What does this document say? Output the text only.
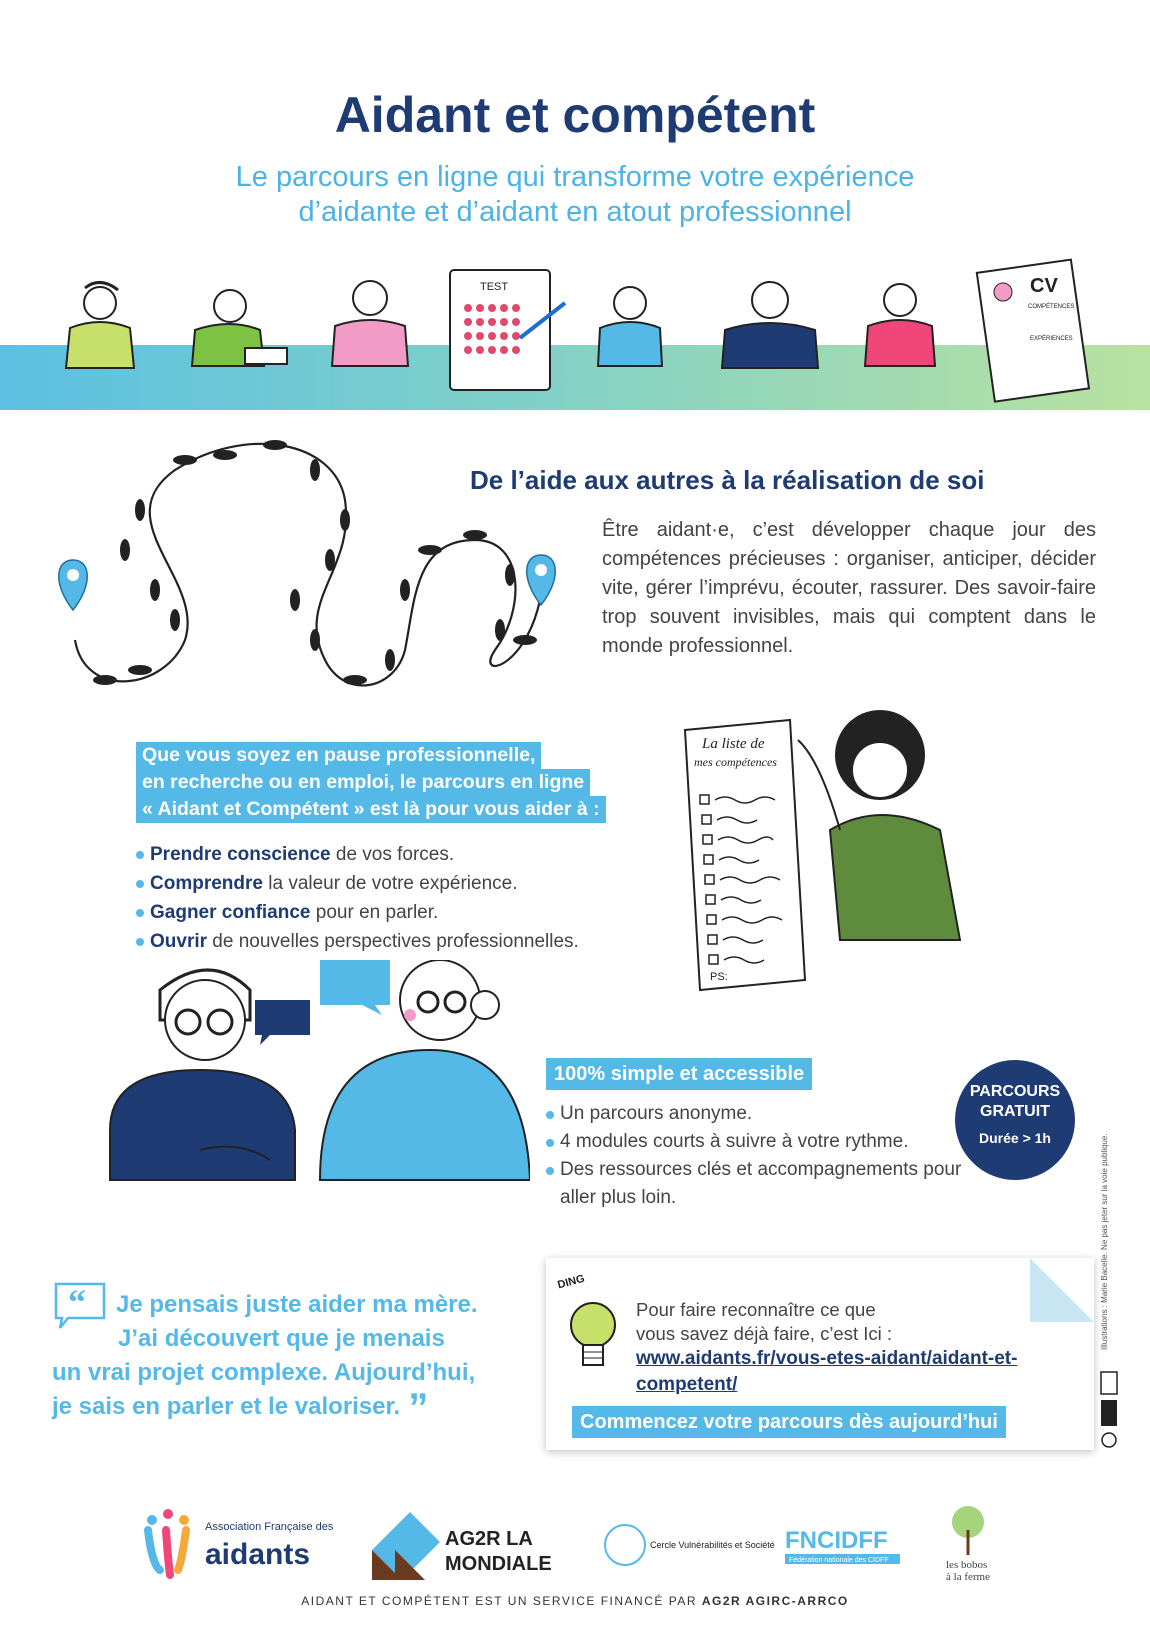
Aidant et compétent
Le parcours en ligne qui transforme votre expérience
d’aidante et d’aidant en atout professionnel
TEST	CV
COMPÉTENCES
EXPÉRIENCES
De l’aide aux autres à la réalisation de soi

Être aidant·e, c’est développer chaque jour des compétences précieuses : organiser, anticiper, décider vite, gérer l’imprévu, écouter, rassurer. Des savoir-faire trop souvent invisibles, mais qui comptent dans le monde professionnel.

Que vous soyez en pause professionnelle,
en recherche ou en emploi, le parcours en ligne
« Aidant et Compétent » est là pour vous aider à :
Prendre conscience de vos forces.
Comprendre la valeur de votre expérience.
Gagner confiance pour en parler.
Ouvrir de nouvelles perspectives professionnelles.
La liste de
mes compétences
PS:
100% simple et accessible
Un parcours anonyme.
4 modules courts à suivre à votre rythme.
Des ressources clés et accompagnements pour aller plus loin.
PARCOURS
GRATUIT
Durée > 1h	Illustrations : Marie Bacelle. Ne pas jeter sur la voie publique.
“	Je pensais juste aider ma mère.
J’ai découvert que je menais
un vrai projet complexe. Aujourd’hui,
je sais en parler et le valoriser. ”
DING
Pour faire reconnaître ce que
vous savez déjà faire, c’est Ici :
www.aidants.fr/vous-etes-aidant/aidant-et-competent/
Commencez votre parcours dès aujourd’hui
Association Française des
aidants	AG2R LA
MONDIALE
Cercle Vulnérabilités et Société FNCIDFF
Fédération nationale des CIDFF	les bobos
à la ferme
AIDANT ET COMPÉTENT EST UN SERVICE FINANCÉ PAR AG2R AGIRC-ARRCO
